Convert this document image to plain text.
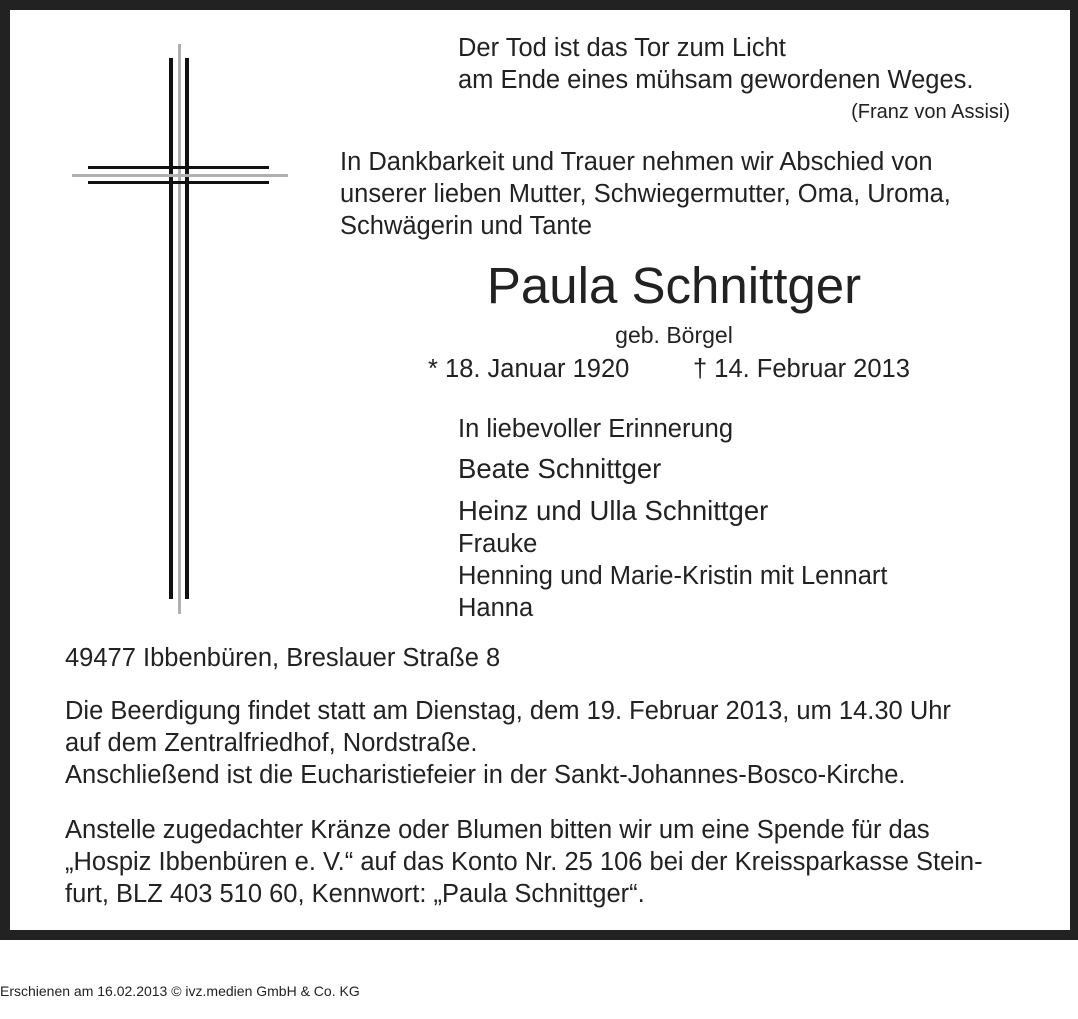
Der Tod ist das Tor zum Licht
am Ende eines mühsam gewordenen Weges.
(Franz von Assisi)
In Dankbarkeit und Trauer nehmen wir Abschied von
unserer lieben Mutter, Schwiegermutter, Oma, Uroma,
Schwägerin und Tante
Paula Schnittger
geb. Börgel
* 18. Januar 1920 † 14. Februar 2013
In liebevoller Erinnerung
Beate Schnittger
Heinz und Ulla Schnittger
Frauke
Henning und Marie-Kristin mit Lennart
Hanna
49477 Ibbenbüren, Breslauer Straße 8
Die Beerdigung findet statt am Dienstag, dem 19. Februar 2013, um 14.30 Uhr
auf dem Zentralfriedhof, Nordstraße.
Anschließend ist die Eucharistiefeier in der Sankt-Johannes-Bosco-Kirche.
Anstelle zugedachter Kränze oder Blumen bitten wir um eine Spende für das
„Hospiz Ibbenbüren e. V.“ auf das Konto Nr. 25 106 bei der Kreissparkasse Stein-
furt, BLZ 403 510 60, Kennwort: „Paula Schnittger“.
Erschienen am 16.02.2013 © ivz.medien GmbH & Co. KG
